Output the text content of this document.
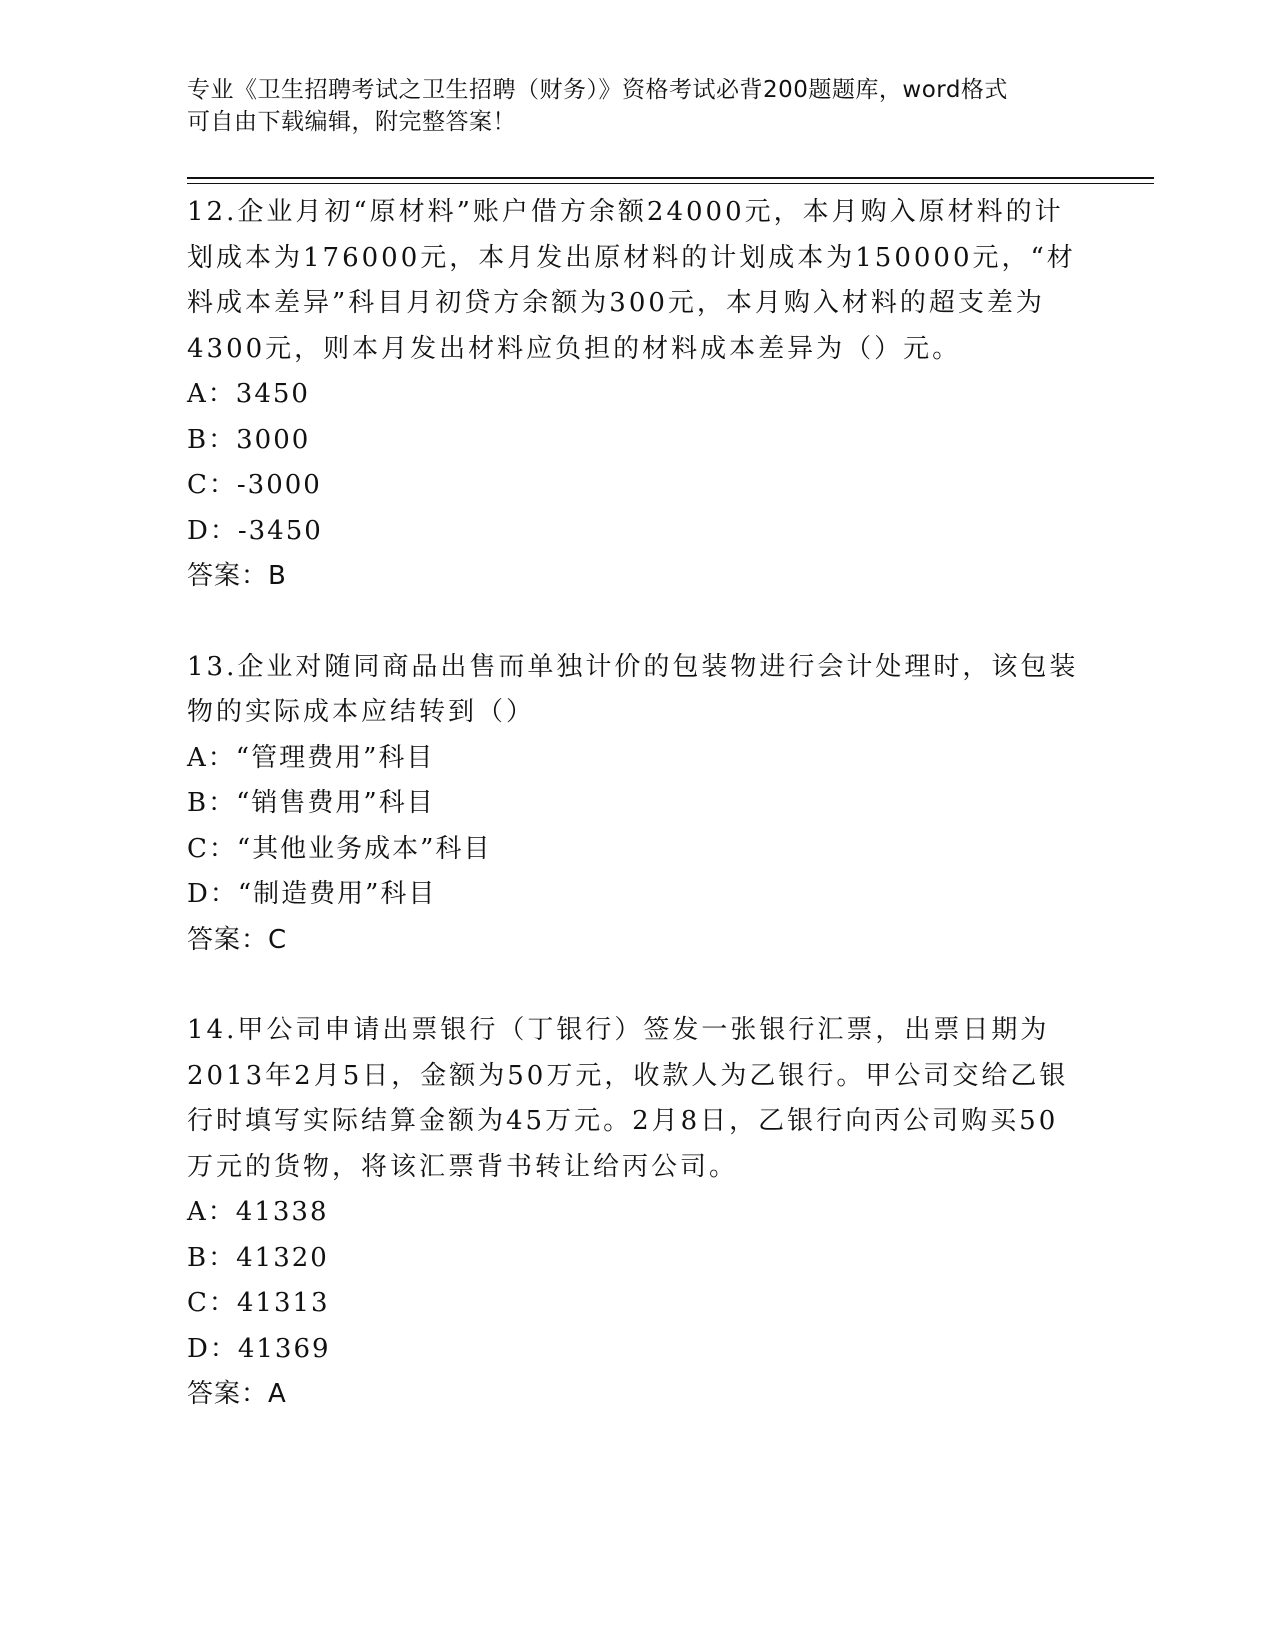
专业《卫生招聘考试之卫生招聘（财务）》资格考试必背200题题库，word格式
可自由下载编辑，附完整答案！

12.企业月初“原材料”账户借方余额24000元，本月购入原材料的计划成本为176000元，本月发出原材料的计划成本为150000元，“材料成本差异”科目月初贷方余额为300元，本月购入材料的超支差为4300元，则本月发出材料应负担的材料成本差异为（）元。

A：3450

B：3000

C：-3000

D：-3450

答案：B

13.企业对随同商品出售而单独计价的包装物进行会计处理时，该包装物的实际成本应结转到（）

A：“管理费用”科目

B：“销售费用”科目

C：“其他业务成本”科目

D：“制造费用”科目

答案：C

14.甲公司申请出票银行（丁银行）签发一张银行汇票，出票日期为2013年2月5日，金额为50万元，收款人为乙银行。甲公司交给乙银行时填写实际结算金额为45万元。2月8日，乙银行向丙公司购买50万元的货物，将该汇票背书转让给丙公司。

A：41338

B：41320

C：41313

D：41369

答案：A
